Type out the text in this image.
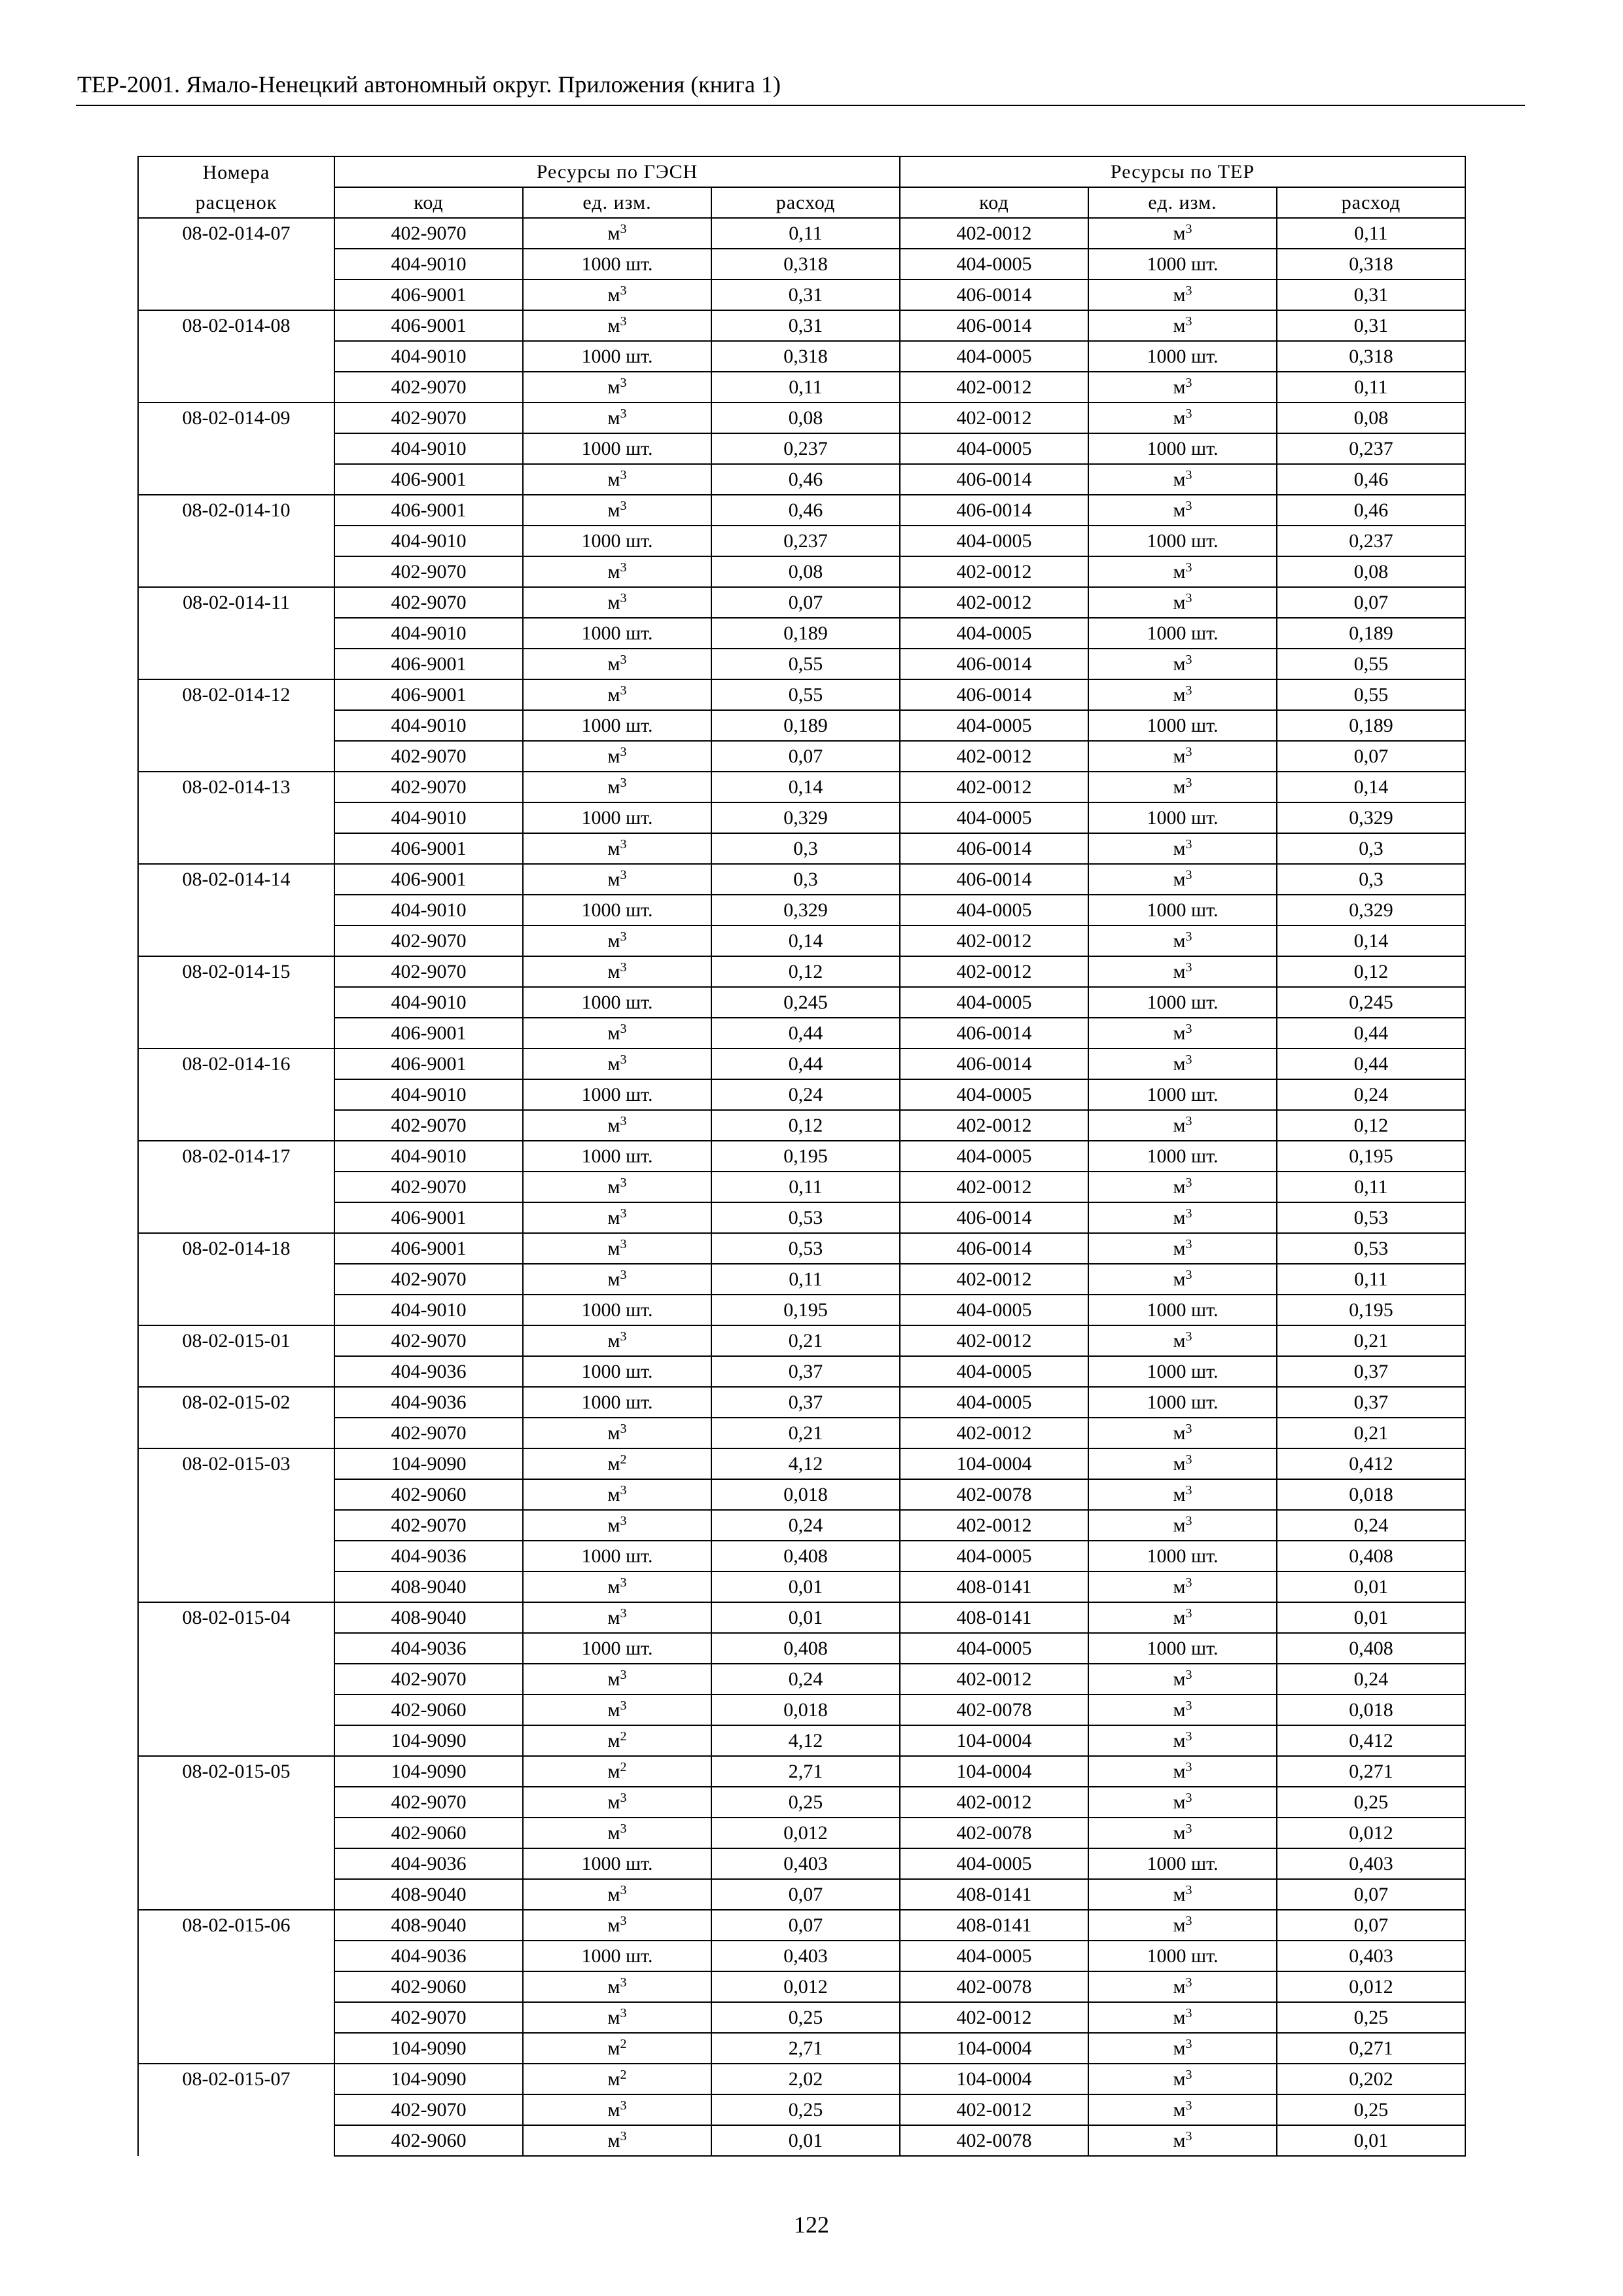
ТЕР-2001. Ямало-Ненецкий автономный округ. Приложения (книга 1)
Номера	Ресурсы по ГЭСН			Ресурсы по ТЕР		
расценок	код	ед. изм.	расход	код	ед. изм.	расход
08-02-014-07	402-9070	$м^3$	0,11	402-0012	$м^3$	0,11
	404-9010	1000 шт.	0,318	404-0005	1000 шт.	0,318
	406-9001	$м^3$	0,31	406-0014	$м^3$	0,31
08-02-014-08	406-9001	$м^3$	0,31	406-0014	$м^3$	0,31
	404-9010	1000 шт.	0,318	404-0005	1000 шт.	0,318
	402-9070	$м^3$	0,11	402-0012	$м^3$	0,11
08-02-014-09	402-9070	$м^3$	0,08	402-0012	$м^3$	0,08
	404-9010	1000 шт.	0,237	404-0005	1000 шт.	0,237
	406-9001	$м^3$	0,46	406-0014	$м^3$	0,46
08-02-014-10	406-9001	$м^3$	0,46	406-0014	$м^3$	0,46
	404-9010	1000 шт.	0,237	404-0005	1000 шт.	0,237
	402-9070	$м^3$	0,08	402-0012	$м^3$	0,08
08-02-014-11	402-9070	$м^3$	0,07	402-0012	$м^3$	0,07
	404-9010	1000 шт.	0,189	404-0005	1000 шт.	0,189
	406-9001	$м^3$	0,55	406-0014	$м^3$	0,55
08-02-014-12	406-9001	$м^3$	0,55	406-0014	$м^3$	0,55
	404-9010	1000 шт.	0,189	404-0005	1000 шт.	0,189
	402-9070	$м^3$	0,07	402-0012	$м^3$	0,07
08-02-014-13	402-9070	$м^3$	0,14	402-0012	$м^3$	0,14
	404-9010	1000 шт.	0,329	404-0005	1000 шт.	0,329
	406-9001	$м^3$	0,3	406-0014	$м^3$	0,3
08-02-014-14	406-9001	$м^3$	0,3	406-0014	$м^3$	0,3
	404-9010	1000 шт.	0,329	404-0005	1000 шт.	0,329
	402-9070	$м^3$	0,14	402-0012	$м^3$	0,14
08-02-014-15	402-9070	$м^3$	0,12	402-0012	$м^3$	0,12
	404-9010	1000 шт.	0,245	404-0005	1000 шт.	0,245
	406-9001	$м^3$	0,44	406-0014	$м^3$	0,44
08-02-014-16	406-9001	$м^3$	0,44	406-0014	$м^3$	0,44
	404-9010	1000 шт.	0,24	404-0005	1000 шт.	0,24
	402-9070	$м^3$	0,12	402-0012	$м^3$	0,12
08-02-014-17	404-9010	1000 шт.	0,195	404-0005	1000 шт.	0,195
	402-9070	$м^3$	0,11	402-0012	$м^3$	0,11
	406-9001	$м^3$	0,53	406-0014	$м^3$	0,53
08-02-014-18	406-9001	$м^3$	0,53	406-0014	$м^3$	0,53
	402-9070	$м^3$	0,11	402-0012	$м^3$	0,11
	404-9010	1000 шт.	0,195	404-0005	1000 шт.	0,195
08-02-015-01	402-9070	$м^3$	0,21	402-0012	$м^3$	0,21
	404-9036	1000 шт.	0,37	404-0005	1000 шт.	0,37
08-02-015-02	404-9036	1000 шт.	0,37	404-0005	1000 шт.	0,37
	402-9070	$м^3$	0,21	402-0012	$м^3$	0,21
08-02-015-03	104-9090	$м^2$	4,12	104-0004	$м^3$	0,412
	402-9060	$м^3$	0,018	402-0078	$м^3$	0,018
	402-9070	$м^3$	0,24	402-0012	$м^3$	0,24
	404-9036	1000 шт.	0,408	404-0005	1000 шт.	0,408
	408-9040	$м^3$	0,01	408-0141	$м^3$	0,01
08-02-015-04	408-9040	$м^3$	0,01	408-0141	$м^3$	0,01
	404-9036	1000 шт.	0,408	404-0005	1000 шт.	0,408
	402-9070	$м^3$	0,24	402-0012	$м^3$	0,24
	402-9060	$м^3$	0,018	402-0078	$м^3$	0,018
	104-9090	$м^2$	4,12	104-0004	$м^3$	0,412
08-02-015-05	104-9090	$м^2$	2,71	104-0004	$м^3$	0,271
	402-9070	$м^3$	0,25	402-0012	$м^3$	0,25
	402-9060	$м^3$	0,012	402-0078	$м^3$	0,012
	404-9036	1000 шт.	0,403	404-0005	1000 шт.	0,403
	408-9040	$м^3$	0,07	408-0141	$м^3$	0,07
08-02-015-06	408-9040	$м^3$	0,07	408-0141	$м^3$	0,07
	404-9036	1000 шт.	0,403	404-0005	1000 шт.	0,403
	402-9060	$м^3$	0,012	402-0078	$м^3$	0,012
	402-9070	$м^3$	0,25	402-0012	$м^3$	0,25
	104-9090	$м^2$	2,71	104-0004	$м^3$	0,271
08-02-015-07	104-9090	$м^2$	2,02	104-0004	$м^3$	0,202
	402-9070	$м^3$	0,25	402-0012	$м^3$	0,25
	402-9060	$м^3$	0,01	402-0078	$м^3$	0,01
122
